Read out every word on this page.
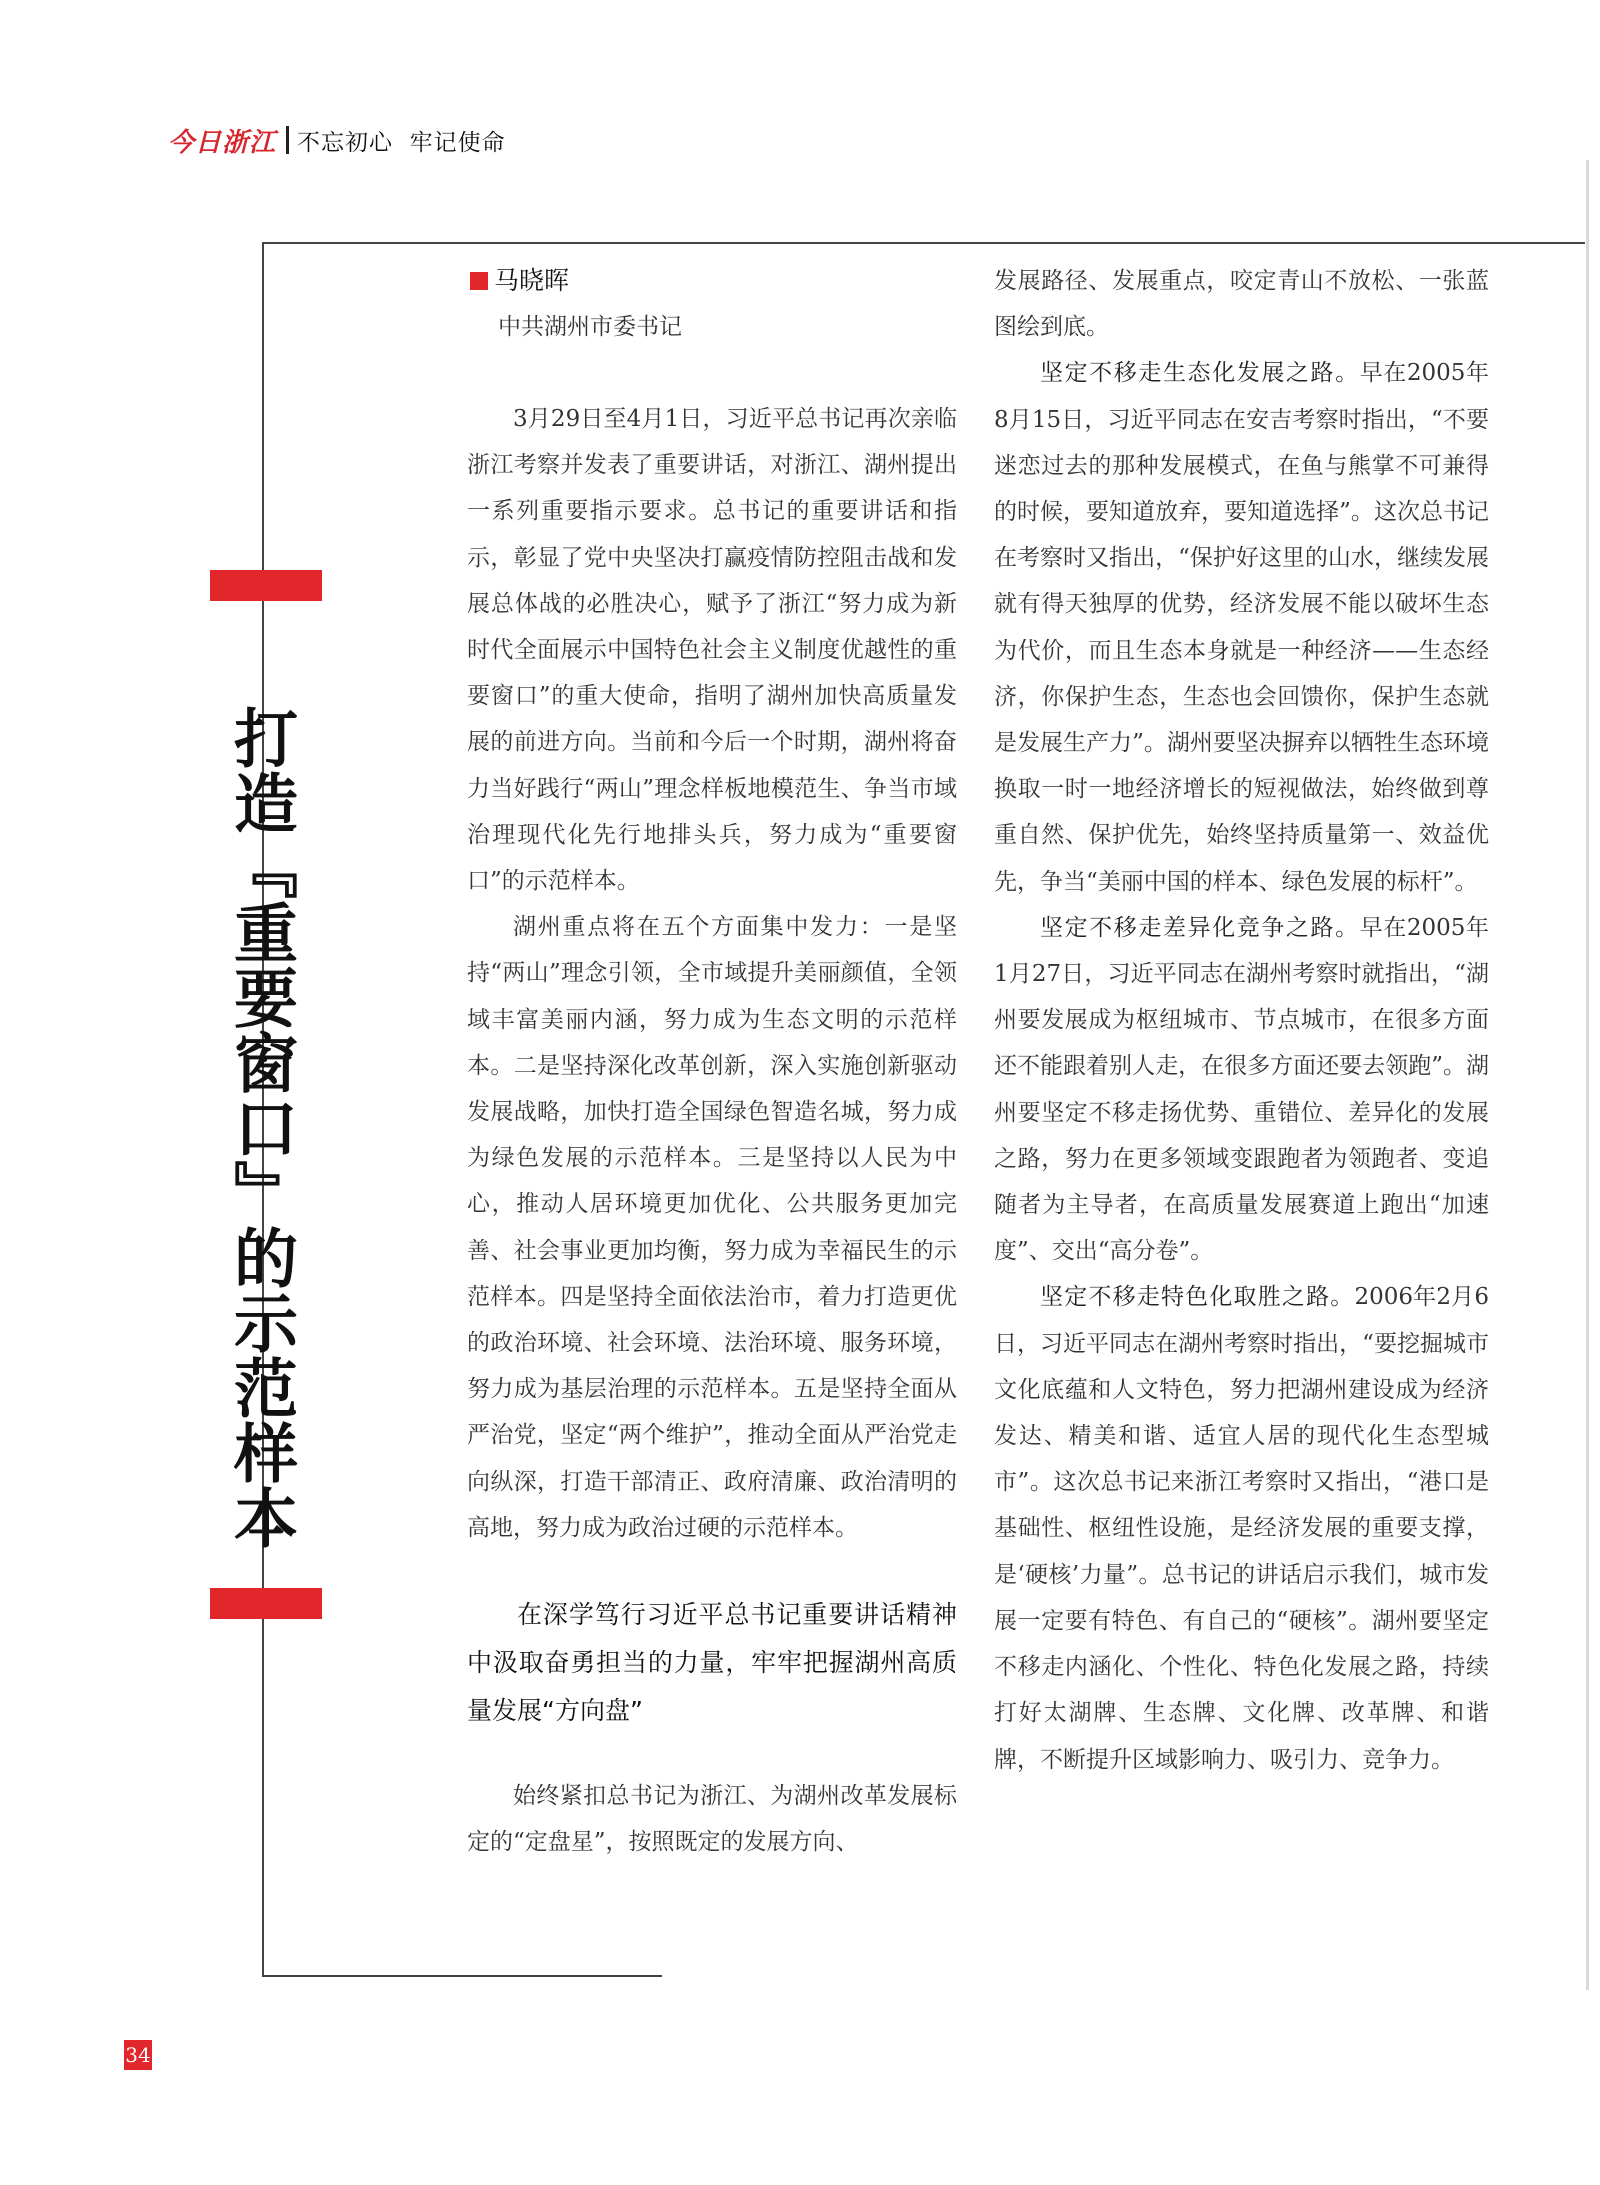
今日浙江 不忘初心  牢记使命
打造『重要窗口』的示范样本
马晓晖
中共湖州市委书记

3月29日至4月1日，习近平总书记再次亲临浙江考察并发表了重要讲话，对浙江、湖州提出一系列重要指示要求。总书记的重要讲话和指示，彰显了党中央坚决打赢疫情防控阻击战和发展总体战的必胜决心，赋予了浙江“努力成为新时代全面展示中国特色社会主义制度优越性的重要窗口”的重大使命，指明了湖州加快高质量发展的前进方向。当前和今后一个时期，湖州将奋力当好践行“两山”理念样板地模范生、争当市域治理现代化先行地排头兵，努力成为“重要窗口”的示范样本。

湖州重点将在五个方面集中发力：一是坚持“两山”理念引领，全市域提升美丽颜值，全领域丰富美丽内涵，努力成为生态文明的示范样本。二是坚持深化改革创新，深入实施创新驱动发展战略，加快打造全国绿色智造名城，努力成为绿色发展的示范样本。三是坚持以人民为中心，推动人居环境更加优化、公共服务更加完善、社会事业更加均衡，努力成为幸福民生的示范样本。四是坚持全面依法治市，着力打造更优的政治环境、社会环境、法治环境、服务环境，努力成为基层治理的示范样本。五是坚持全面从严治党，坚定“两个维护”，推动全面从严治党走向纵深，打造干部清正、政府清廉、政治清明的高地，努力成为政治过硬的示范样本。

在深学笃行习近平总书记重要讲话精神中汲取奋勇担当的力量，牢牢把握湖州高质量发展“方向盘”

始终紧扣总书记为浙江、为湖州改革发展标定的“定盘星”，按照既定的发展方向、

发展路径、发展重点，咬定青山不放松、一张蓝图绘到底。

坚定不移走生态化发展之路。早在2005年8月15日，习近平同志在安吉考察时指出，“不要迷恋过去的那种发展模式，在鱼与熊掌不可兼得的时候，要知道放弃，要知道选择”。这次总书记在考察时又指出，“保护好这里的山水，继续发展就有得天独厚的优势，经济发展不能以破坏生态为代价，而且生态本身就是一种经济——生态经济，你保护生态，生态也会回馈你，保护生态就是发展生产力”。湖州要坚决摒弃以牺牲生态环境换取一时一地经济增长的短视做法，始终做到尊重自然、保护优先，始终坚持质量第一、效益优先，争当“美丽中国的样本、绿色发展的标杆”。

坚定不移走差异化竞争之路。早在2005年1月27日，习近平同志在湖州考察时就指出，“湖州要发展成为枢纽城市、节点城市，在很多方面还不能跟着别人走，在很多方面还要去领跑”。湖州要坚定不移走扬优势、重错位、差异化的发展之路，努力在更多领域变跟跑者为领跑者、变追随者为主导者，在高质量发展赛道上跑出“加速度”、交出“高分卷”。

坚定不移走特色化取胜之路。2006年2月6日，习近平同志在湖州考察时指出，“要挖掘城市文化底蕴和人文特色，努力把湖州建设成为经济发达、精美和谐、适宜人居的现代化生态型城市”。这次总书记来浙江考察时又指出，“港口是基础性、枢纽性设施，是经济发展的重要支撑，是‘硬核’力量”。总书记的讲话启示我们，城市发展一定要有特色、有自己的“硬核”。湖州要坚定不移走内涵化、个性化、特色化发展之路，持续打好太湖牌、生态牌、文化牌、改革牌、和谐牌，不断提升区域影响力、吸引力、竞争力。

34
